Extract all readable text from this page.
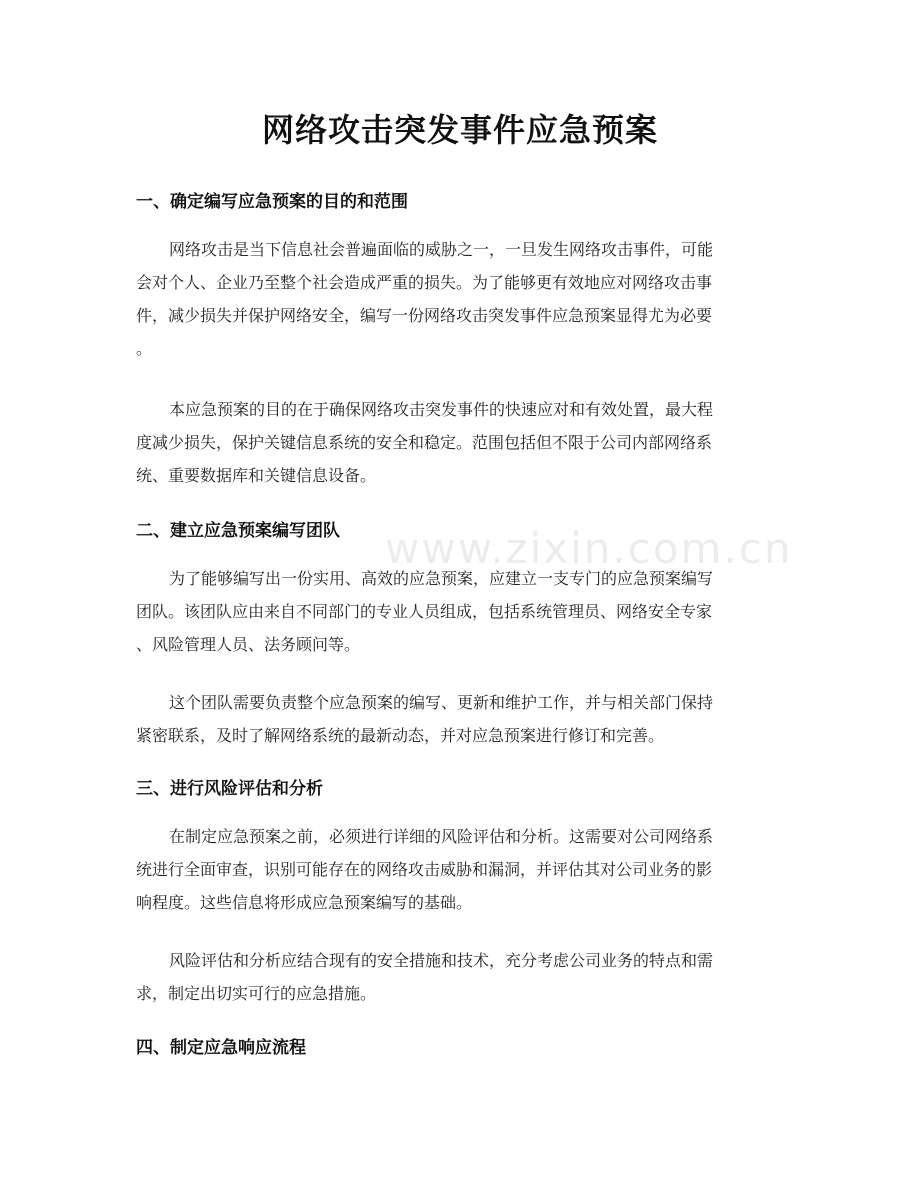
www.zixin.com.cn
网络攻击突发事件应急预案
一、确定编写应急预案的目的和范围

网络攻击是当下信息社会普遍面临的威胁之一，一旦发生网络攻击事件，可能
会对个人、企业乃至整个社会造成严重的损失。为了能够更有效地应对网络攻击事
件，减少损失并保护网络安全，编写一份网络攻击突发事件应急预案显得尤为必要
。

本应急预案的目的在于确保网络攻击突发事件的快速应对和有效处置，最大程
度减少损失，保护关键信息系统的安全和稳定。范围包括但不限于公司内部网络系
统、重要数据库和关键信息设备。

二、建立应急预案编写团队

为了能够编写出一份实用、高效的应急预案，应建立一支专门的应急预案编写
团队。该团队应由来自不同部门的专业人员组成，包括系统管理员、网络安全专家
、风险管理人员、法务顾问等。

这个团队需要负责整个应急预案的编写、更新和维护工作，并与相关部门保持
紧密联系，及时了解网络系统的最新动态，并对应急预案进行修订和完善。

三、进行风险评估和分析

在制定应急预案之前，必须进行详细的风险评估和分析。这需要对公司网络系
统进行全面审查，识别可能存在的网络攻击威胁和漏洞，并评估其对公司业务的影
响程度。这些信息将形成应急预案编写的基础。

风险评估和分析应结合现有的安全措施和技术，充分考虑公司业务的特点和需
求，制定出切实可行的应急措施。

四、制定应急响应流程
